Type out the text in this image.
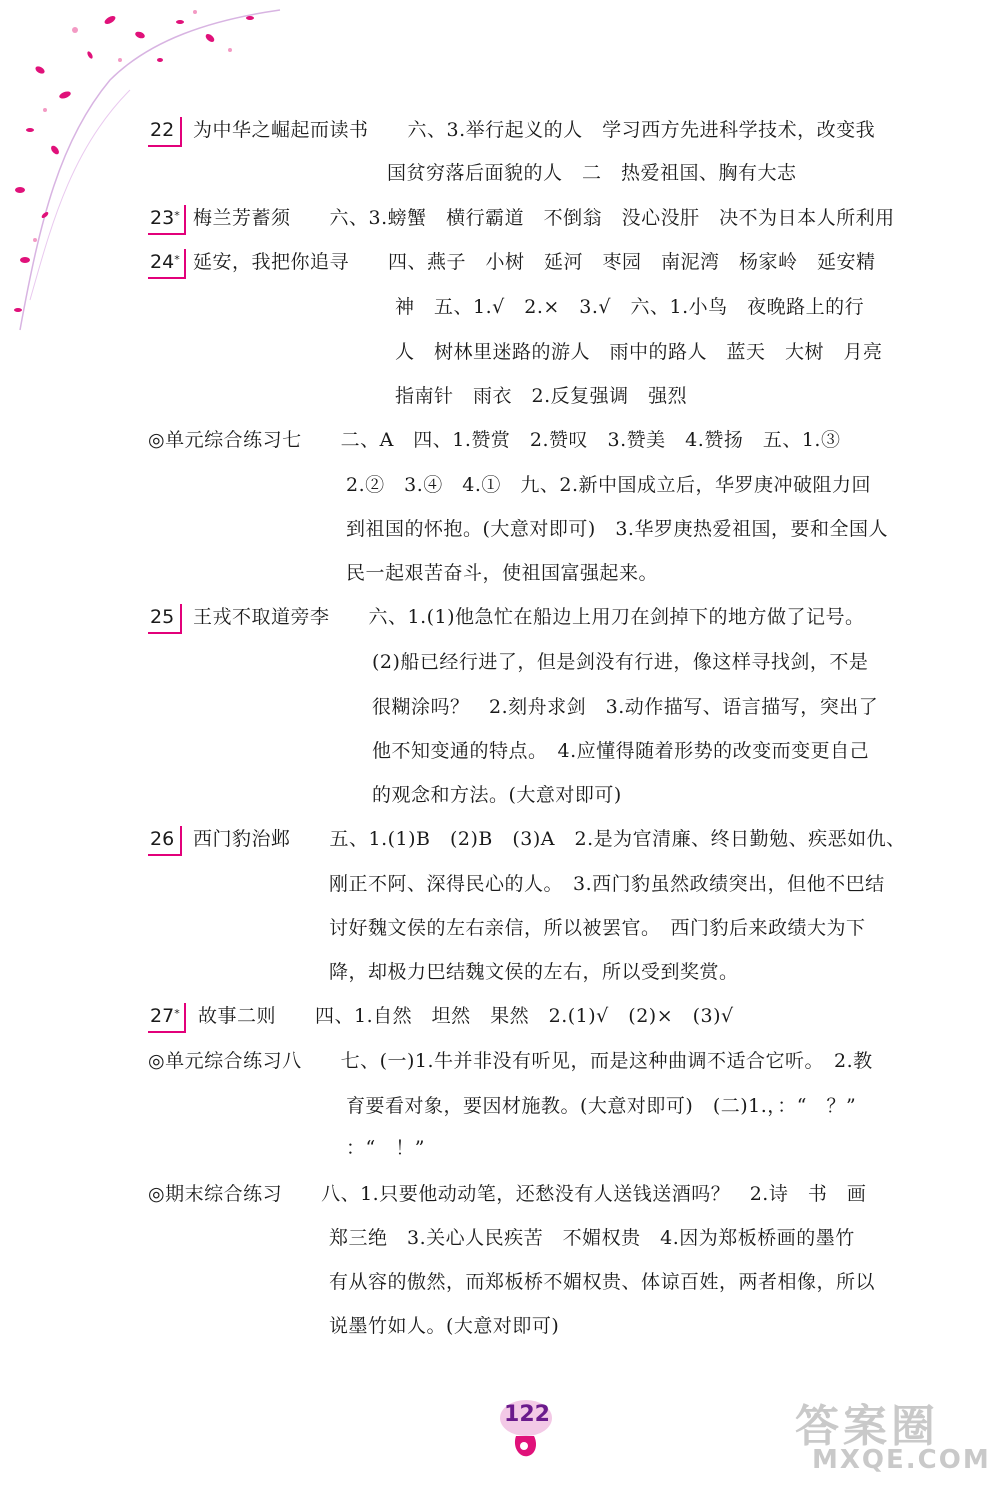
22 为中华之崛起而读书　　六、3.举行起义的人　学习西方先进科学技术，改变我
国贫穷落后面貌的人　二　热爱祖国、胸有大志
23* 梅兰芳蓄须　　六、3.螃蟹　横行霸道　不倒翁　没心没肝　决不为日本人所利用
24* 延安，我把你追寻　　四、燕子　小树　延河　枣园　南泥湾　杨家岭　延安精
神　五、1.√　2.×　3.√　六、1.小鸟　夜晚路上的行
人　树林里迷路的游人　雨中的路人　蓝天　大树　月亮
指南针　雨衣　2.反复强调　强烈
◎单元综合练习七　　二、A　四、1.赞赏　2.赞叹　3.赞美　4.赞扬　五、1.③
2.②　3.④　4.①　九、2.新中国成立后，华罗庚冲破阻力回
到祖国的怀抱。(大意对即可)　3.华罗庚热爱祖国，要和全国人
民一起艰苦奋斗，使祖国富强起来。
25 王戎不取道旁李　　六、1.(1)他急忙在船边上用刀在剑掉下的地方做了记号。
(2)船已经行进了，但是剑没有行进，像这样寻找剑，不是
很糊涂吗？　2.刻舟求剑　3.动作描写、语言描写，突出了
他不知变通的特点。　4.应懂得随着形势的改变而变更自己
的观念和方法。(大意对即可)
26 西门豹治邺　　五、1.(1)B　(2)B　(3)A　2.是为官清廉、终日勤勉、疾恶如仇、
刚正不阿、深得民心的人。　3.西门豹虽然政绩突出，但他不巴结
讨好魏文侯的左右亲信，所以被罢官。　西门豹后来政绩大为下
降，却极力巴结魏文侯的左右，所以受到奖赏。
27* 故事二则　　四、1.自然　坦然　果然　2.(1)√　(2)×　(3)√
◎单元综合练习八　　七、(一)1.牛并非没有听见，而是这种曲调不适合它听。　2.教
育要看对象，要因材施教。(大意对即可)　(二)1.，：“　？”
：“　！”
◎期末综合练习　　八、1.只要他动动笔，还愁没有人送钱送酒吗？　2.诗　书　画
郑三绝　3.关心人民疾苦　不媚权贵　4.因为郑板桥画的墨竹
有从容的傲然，而郑板桥不媚权贵、体谅百姓，两者相像，所以
说墨竹如人。(大意对即可)
122	答案圈
MXQE.COM
